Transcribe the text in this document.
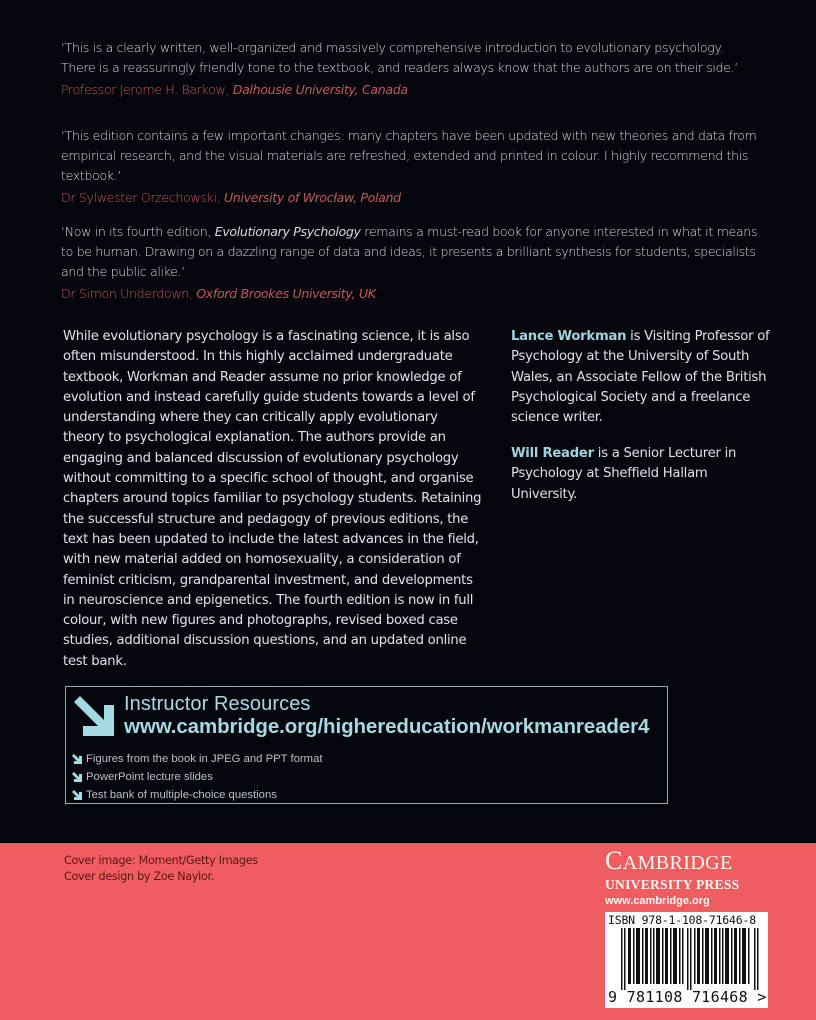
‘This is a clearly written, well-organized and massively comprehensive introduction to evolutionary psychology. There is a reassuringly friendly tone to the textbook, and readers always know that the authors are on their side.’
Professor Jerome H. Barkow, Dalhousie University, Canada
‘This edition contains a few important changes: many chapters have been updated with new theories and data from empirical research, and the visual materials are refreshed, extended and printed in colour. I highly recommend this textbook.’
Dr Sylwester Orzechowski, University of Wrocław, Poland
‘Now in its fourth edition, Evolutionary Psychology remains a must-read book for anyone interested in what it means to be human. Drawing on a dazzling range of data and ideas, it presents a brilliant synthesis for students, specialists and the public alike.’
Dr Simon Underdown, Oxford Brookes University, UK
While evolutionary psychology is a fascinating science, it is also often misunderstood. In this highly acclaimed undergraduate textbook, Workman and Reader assume no prior knowledge of evolution and instead carefully guide students towards a level of understanding where they can critically apply evolutionary theory to psychological explanation. The authors provide an engaging and balanced discussion of evolutionary psychology without committing to a specific school of thought, and organise chapters around topics familiar to psychology students. Retaining the successful structure and pedagogy of previous editions, the text has been updated to include the latest advances in the field, with new material added on homosexuality, a consideration of feminist criticism, grandparental investment, and developments in neuroscience and epigenetics. The fourth edition is now in full colour, with new figures and photographs, revised boxed case studies, additional discussion questions, and an updated online test bank.
Lance Workman is Visiting Professor of Psychology at the University of South Wales, an Associate Fellow of the British Psychological Society and a freelance science writer.
Will Reader is a Senior Lecturer in Psychology at Sheffield Hallam University.
Instructor Resources
www.cambridge.org/highereducation/workmanreader4
Figures from the book in JPEG and PPT format
PowerPoint lecture slides
Test bank of multiple-choice questions
Cover image: Moment/Getty Images
Cover design by Zoe Naylor.
CAMBRIDGE
UNIVERSITY PRESS
www.cambridge.org
ISBN 978-1-108-71646-8
9 781108 716468 >
